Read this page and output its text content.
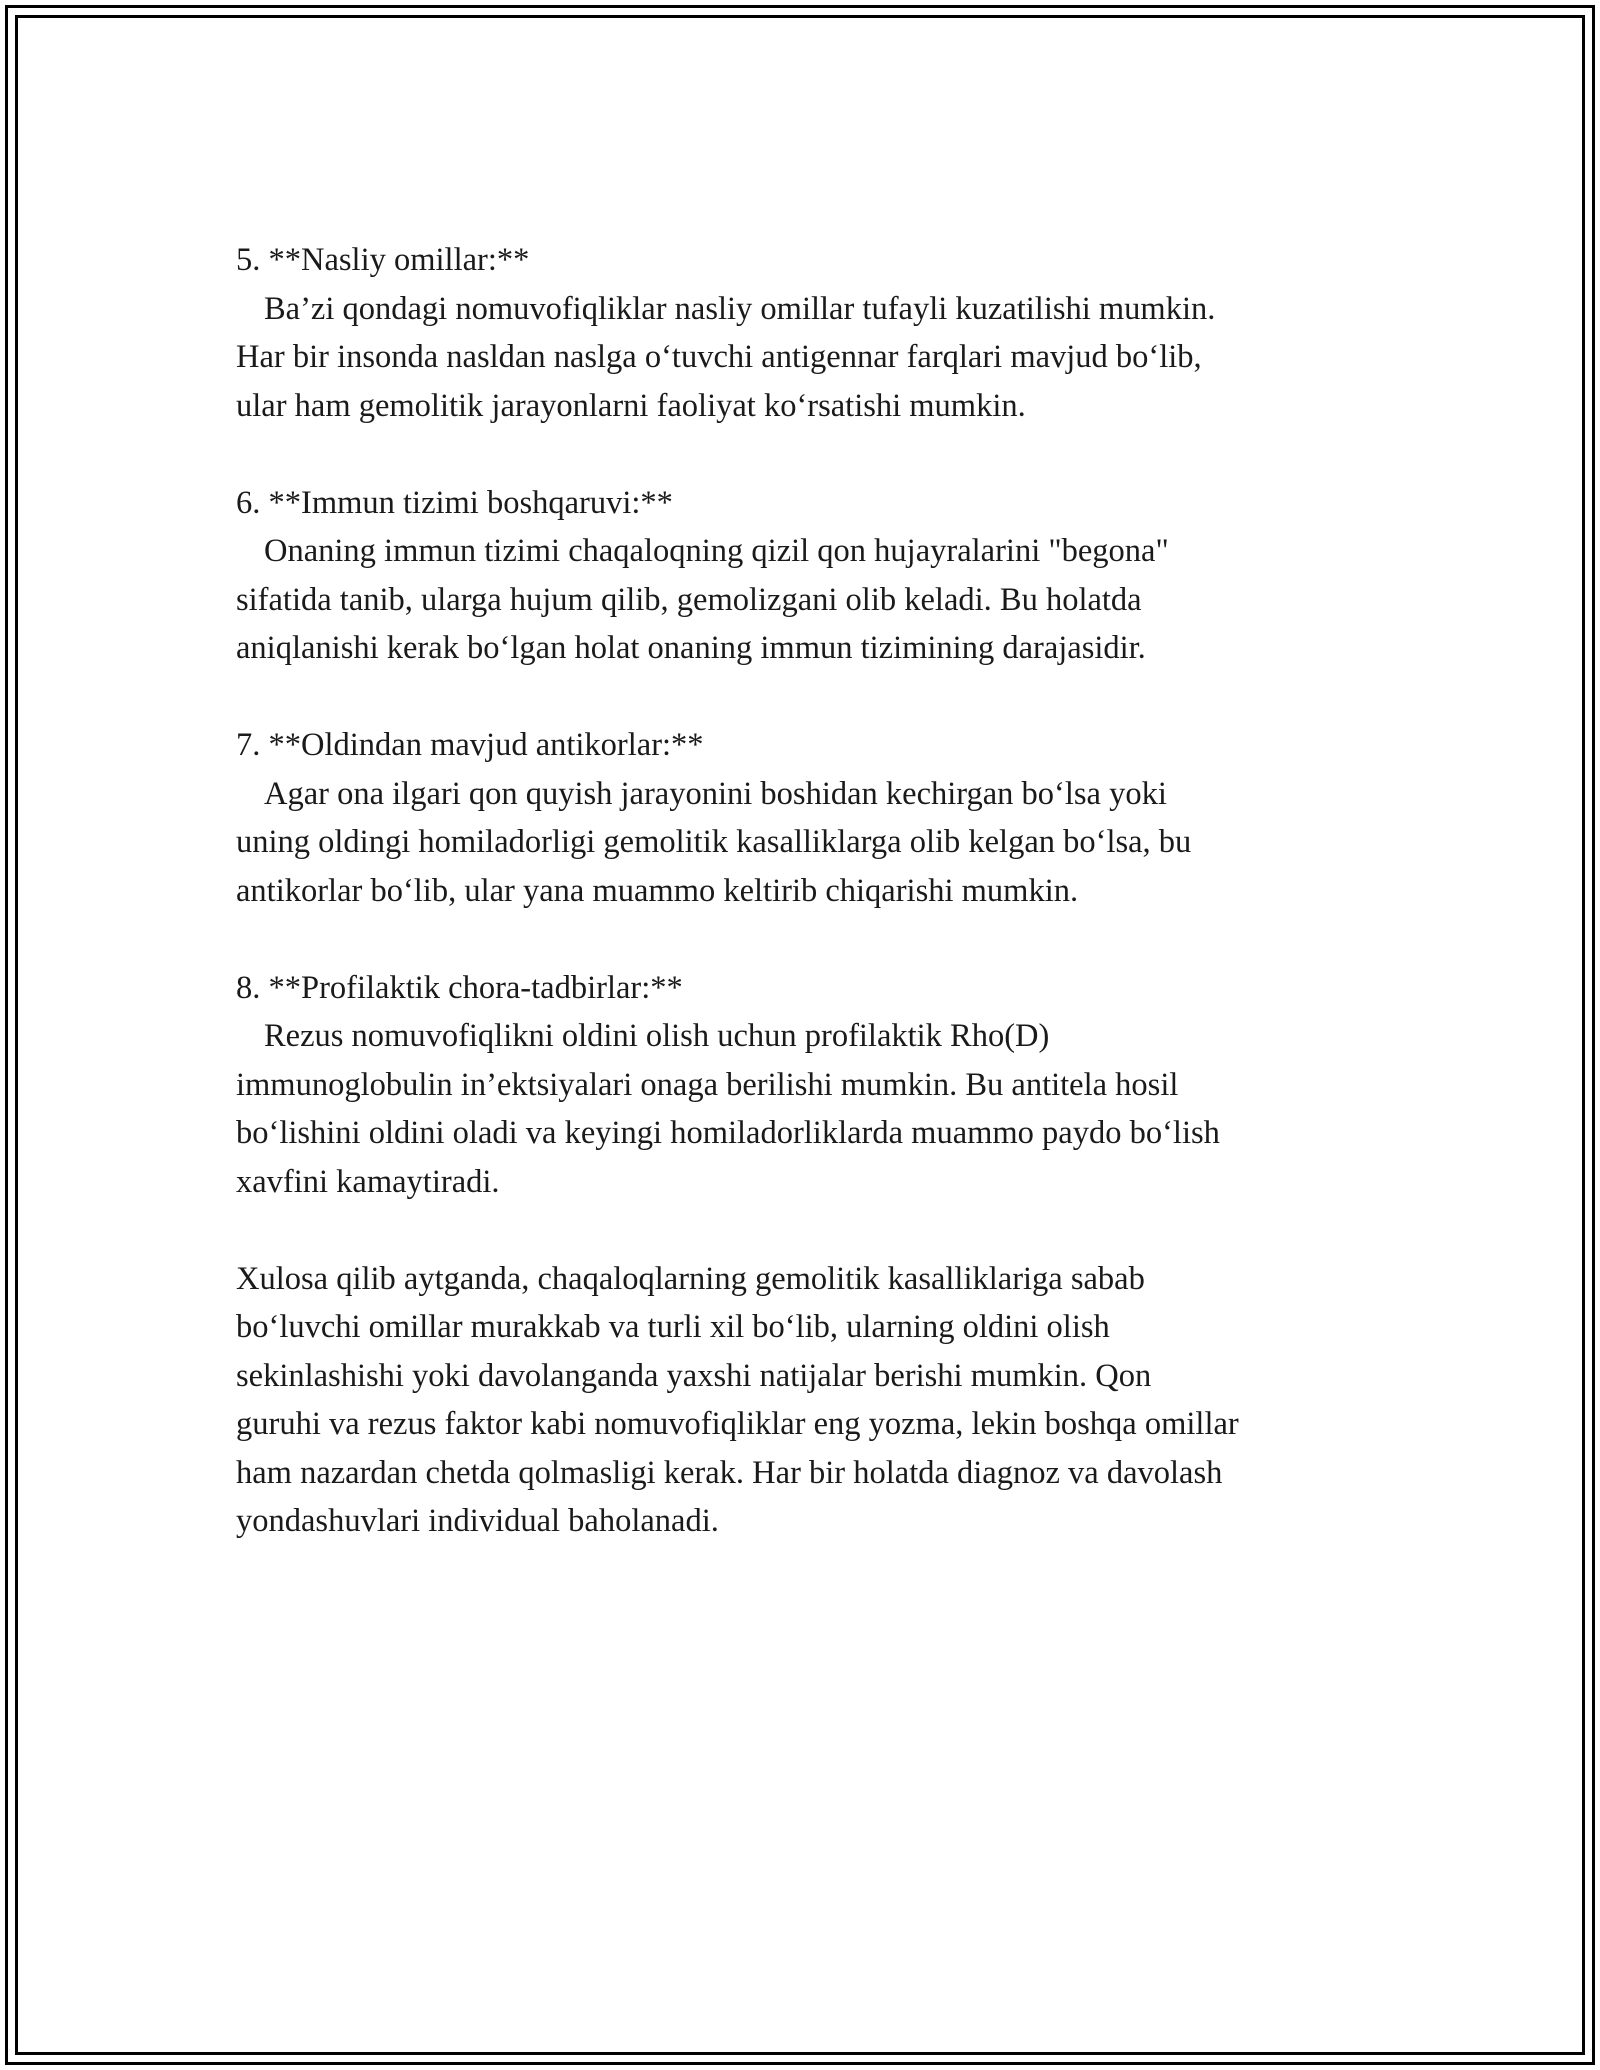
5. **Nasliy omillar:**
Ba’zi qondagi nomuvofiqliklar nasliy omillar tufayli kuzatilishi mumkin.
Har bir insonda nasldan naslga o‘tuvchi antigennar farqlari mavjud bo‘lib,
ular ham gemolitik jarayonlarni faoliyat ko‘rsatishi mumkin.
6. **Immun tizimi boshqaruvi:**
Onaning immun tizimi chaqaloqning qizil qon hujayralarini "begona"
sifatida tanib, ularga hujum qilib, gemolizgani olib keladi. Bu holatda
aniqlanishi kerak bo‘lgan holat onaning immun tizimining darajasidir.
7. **Oldindan mavjud antikorlar:**
Agar ona ilgari qon quyish jarayonini boshidan kechirgan bo‘lsa yoki
uning oldingi homiladorligi gemolitik kasalliklarga olib kelgan bo‘lsa, bu
antikorlar bo‘lib, ular yana muammo keltirib chiqarishi mumkin.
8. **Profilaktik chora-tadbirlar:**
Rezus nomuvofiqlikni oldini olish uchun profilaktik Rho(D)
immunoglobulin in’ektsiyalari onaga berilishi mumkin. Bu antitela hosil
bo‘lishini oldini oladi va keyingi homiladorliklarda muammo paydo bo‘lish
xavfini kamaytiradi.
Xulosa qilib aytganda, chaqaloqlarning gemolitik kasalliklariga sabab
bo‘luvchi omillar murakkab va turli xil bo‘lib, ularning oldini olish
sekinlashishi yoki davolanganda yaxshi natijalar berishi mumkin. Qon
guruhi va rezus faktor kabi nomuvofiqliklar eng yozma, lekin boshqa omillar
ham nazardan chetda qolmasligi kerak. Har bir holatda diagnoz va davolash
yondashuvlari individual baholanadi.
